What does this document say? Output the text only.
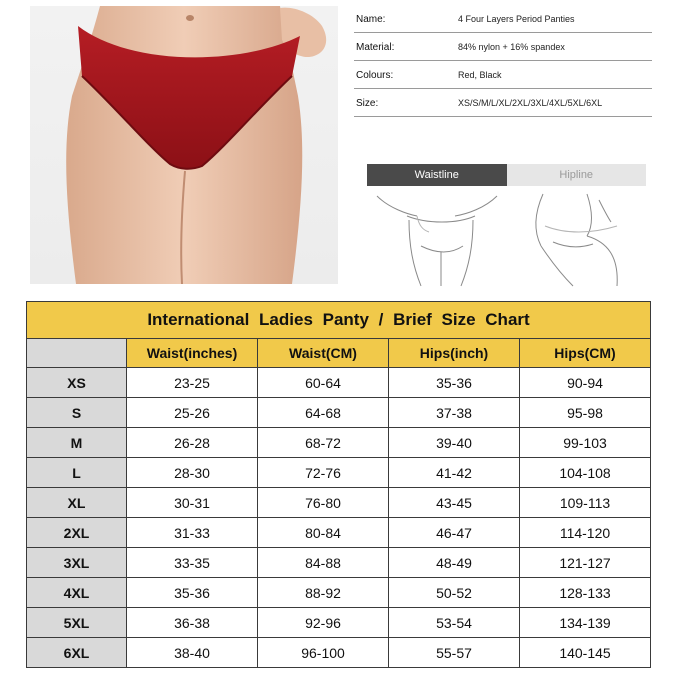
Name:	4 Four Layers Period Panties
Material:	84% nylon + 16% spandex
Colours:	Red, Black
Size:	XS/S/M/L/XL/2XL/3XL/4XL/5XL/6XL
Waistline	Hipline
International Ladies Panty / Brief Size Chart				
	Waist(inches)	Waist(CM)	Hips(inch)	Hips(CM)
XS	23-25	60-64	35-36	90-94
S	25-26	64-68	37-38	95-98
M	26-28	68-72	39-40	99-103
L	28-30	72-76	41-42	104-108
XL	30-31	76-80	43-45	109-113
2XL	31-33	80-84	46-47	114-120
3XL	33-35	84-88	48-49	121-127
4XL	35-36	88-92	50-52	128-133
5XL	36-38	92-96	53-54	134-139
6XL	38-40	96-100	55-57	140-145
